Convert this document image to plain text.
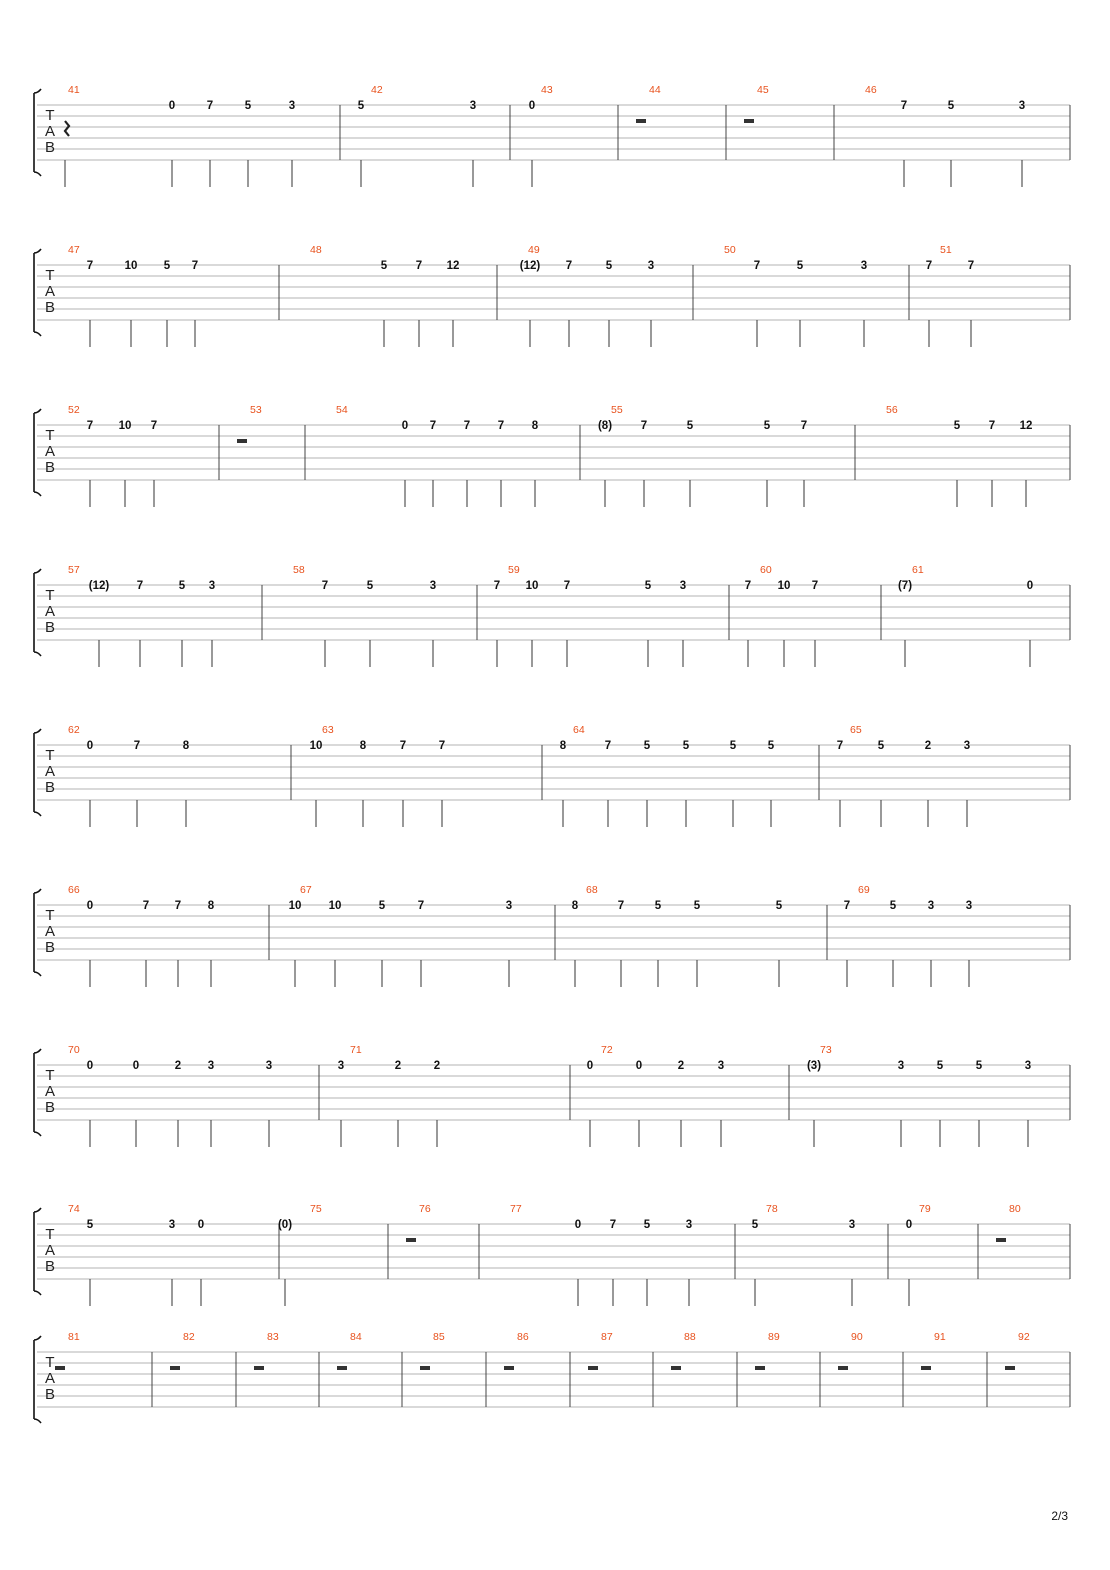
T
A
B
41
0	7	5	3
42
5	3
43
0
44	45	46
7	5	3
T
A
B
47
7	10 5 7
48
5 7 12
49
(12) 7	5	3
50
7	5	3
51
7	7
T
A
B
52
7 10 7
53	54
0 7 7 7 8
55
(8)	7	5	5	7
56
5 7 12
T
A
B
57
(12) 7	5 3
58
7	5	3
59
7 10 7	5 3
60
7 10 7
61
(7)	0
T
A
B
62
0	7	8
63
10	8	7	7
64
8	7	5	5	5	5
65
7	5	2	3
T
A
B
66
0	7 7 8
67
10 10	5	7	3
68
8	7	5	5	5
69
7	5	3	3
T
A
B
70
0	0	2 3	3
71
3	2	2
72
0	0	2	3
73
(3)	3	5	5	3
T
A
B
74
5	3 0
75
(0)
76	77
0 7 5	3
78
5	3
79
0
80
T
A
B
81	82	83	84	85	86	87	88	89	90	91	92
2/3
